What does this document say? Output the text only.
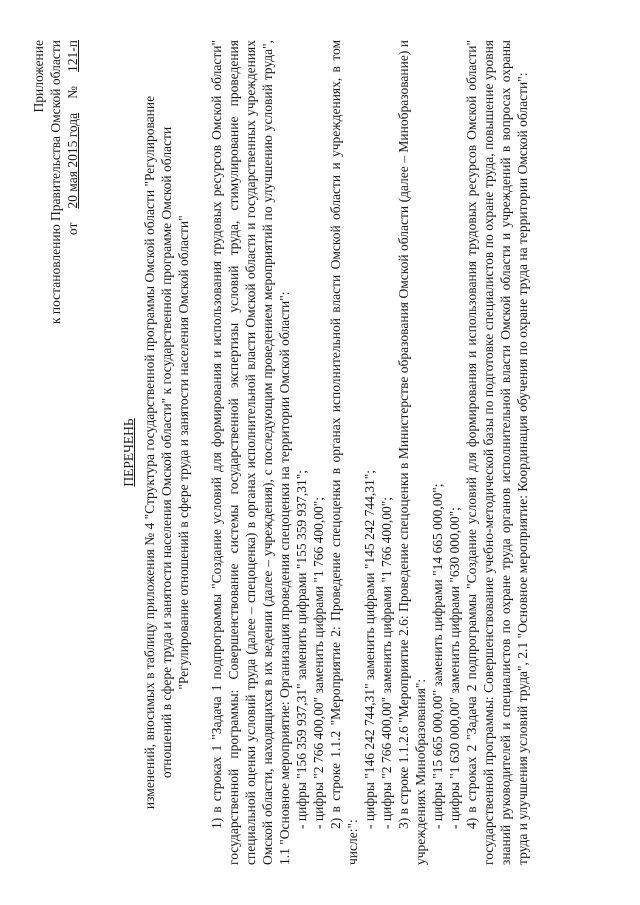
Приложение к постановлению Правительства Омской области от
20 мая 2015 года
№
121-п
ПЕРЕЧЕНЬ изменений, вносимых в таблицу приложения № 4 "Структура государственной программы Омской области "Регулирование отношений в сфере труда и занятости населения Омской области" к государственной программе Омской области "Регулирование отношений в сфере труда и занятости населения Омской области" 1) в строках 1 "Задача 1 подпрограммы "Создание условий для формирования и использования трудовых ресурсов Омской области" государственной программы: Совершенствование системы государственной экспертизы условий труда, стимулирование проведения специальной оценки условий труда (далее – спецоценка) в органах исполнительной власти Омской области и государственных учреждениях Омской области, находящихся в их ведении (далее – учреждения), с последующим проведением мероприятий по улучшению условий труда", 1.1 "Основное мероприятие: Организация проведения спецоценки на территории Омской области": - цифры "156 359 937,31" заменить цифрами "155 359 937,31"; - цифры "2 766 400,00" заменить цифрами "1 766 400,00"; 2) в строке 1.1.2 "Мероприятие 2: Проведение спецоценки в органах исполнительной власти Омской области и учреждениях, в том числе:":

- цифры "146 242 744,31" заменить цифрами "145 242 744,31"; - цифры "2 766 400,00" заменить цифрами "1 766 400,00"; 3) в строке 1.1.2.6 "Мероприятие 2.6: Проведение спецоценки в Министерстве образования Омской области (далее – Минобразование) и учреждениях Минобразования": - цифры "15 665 000,00" заменить цифрами "14 665 000,00"; - цифры "1 630 000,00" заменить цифрами "630 000,00"; 4) в строках 2 "Задача 2 подпрограммы "Создание условий для формирования и использования трудовых ресурсов Омской области" государственной программы: Совершенствование учебно-методической базы по подготовке специалистов по охране труда, повышение уровня знаний руководителей и специалистов по охране труда органов исполнительной власти Омской области и учреждений в вопросах охраны труда и улучшения условий труда", 2.1 "Основное мероприятие: Координация обучения по охране труда на территории Омской области":
